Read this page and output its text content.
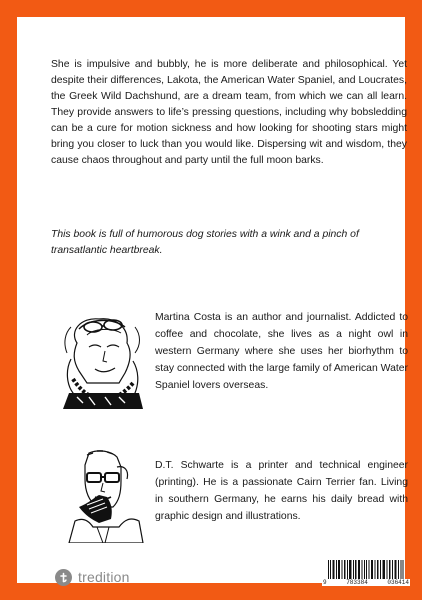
She is impulsive and bubbly, he is more deliberate and philosophical. Yet despite their differences, Lakota, the American Water Spaniel, and Loucrates, the Greek Wild Dachshund, are a dream team, from which we can all learn. They provide answers to life’s pressing questions, including why bobsledding can be a cure for motion sickness and how looking for shooting stars might bring you closer to luck than you would like. Dispersing wit and wisdom, they cause chaos throughout and party until the full moon barks.

This book is full of humorous dog stories with a wink and a pinch of transatlantic heartbreak.

Martina Costa is an author and journalist. Addicted to coffee and chocolate, she lives as a night owl in western Germany where she uses her biorhythm to stay connected with the large family of American Water Spaniel lovers overseas.

D.T. Schwarte is a printer and technical engineer (printing). He is a passionate Cairn Terrier fan. Living in southern Germany, he earns his daily bread with graphic design and illustrations.

tredition	9	783384	036414
